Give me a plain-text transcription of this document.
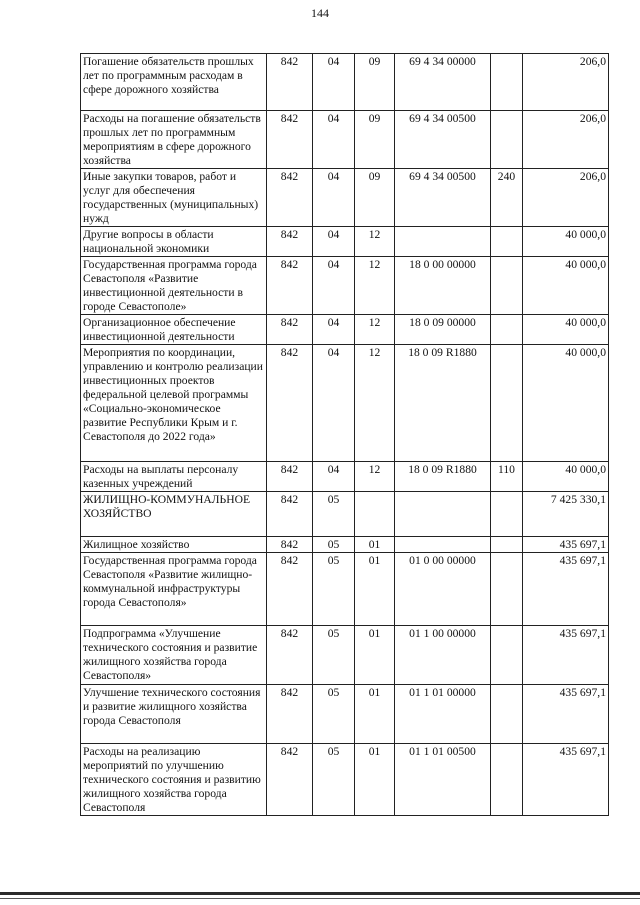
144
Погашение обязательств прошлых лет по программным расходам в сфере дорожного хозяйства	842	04	09	69 4 34 00000		206,0
Расходы на погашение обязательств прошлых лет по программным мероприятиям в сфере дорожного хозяйства	842	04	09	69 4 34 00500		206,0
Иные закупки товаров, работ и услуг для обеспечения государственных (муниципальных) нужд	842	04	09	69 4 34 00500	240	206,0
Другие вопросы в области национальной экономики	842	04	12			40 000,0
Государственная программа города Севастополя «Развитие инвестиционной деятельности в городе Севастополе»	842	04	12	18 0 00 00000		40 000,0
Организационное обеспечение инвестиционной деятельности	842	04	12	18 0 09 00000		40 000,0
Мероприятия по координации, управлению и контролю реализации инвестиционных проектов федеральной целевой программы «Социально-экономическое развитие Республики Крым и г. Севастополя до 2022 года»	842	04	12	18 0 09 R1880		40 000,0
Расходы на выплаты персоналу казенных учреждений	842	04	12	18 0 09 R1880	110	40 000,0
ЖИЛИЩНО-КОММУНАЛЬНОЕ ХОЗЯЙСТВО	842	05				7 425 330,1
Жилищное хозяйство	842	05	01			435 697,1
Государственная программа города Севастополя «Развитие жилищно-коммунальной инфраструктуры города Севастополя»	842	05	01	01 0 00 00000		435 697,1
Подпрограмма «Улучшение технического состояния и развитие жилищного хозяйства города Севастополя»	842	05	01	01 1 00 00000		435 697,1
Улучшение технического состояния и развитие жилищного хозяйства города Севастополя	842	05	01	01 1 01 00000		435 697,1
Расходы на реализацию мероприятий по улучшению технического состояния и развитию жилищного хозяйства города Севастополя	842	05	01	01 1 01 00500		435 697,1
